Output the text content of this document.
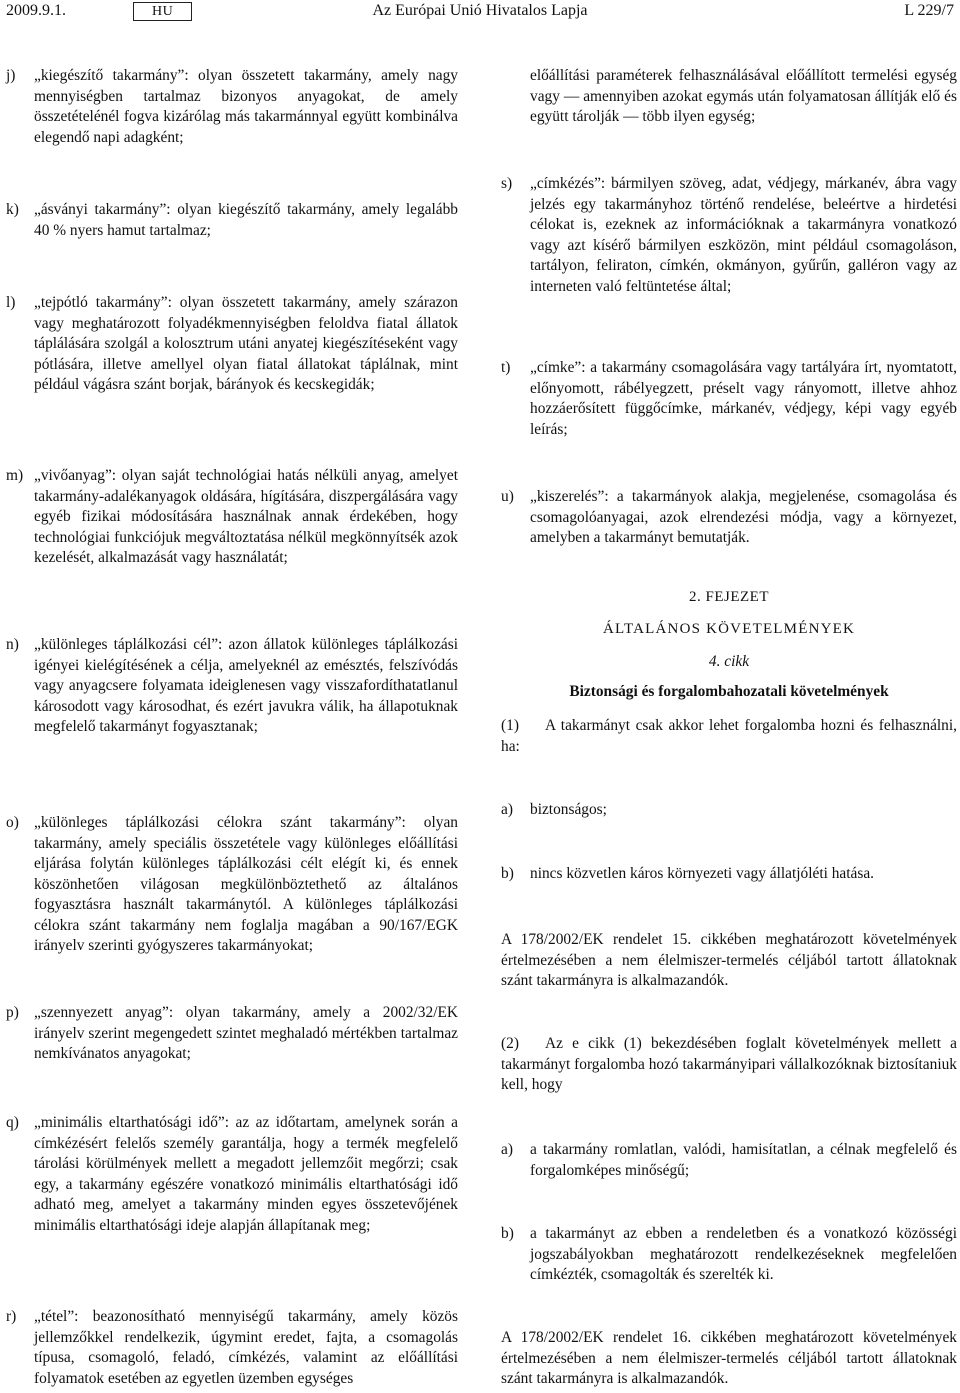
Az Európai Unió Hivatalos Lapja
2009.9.1.	HU	L 229/7
j)	„kiegészítő takarmány”: olyan összetett takarmány, amely nagy mennyiségben tartalmaz bizonyos anyagokat, de amely összetételénél fogva kizárólag más takarmánnyal együtt kombinálva elegendő napi adagként;
k) „ásványi takarmány”: olyan kiegészítő takarmány, amely legalább 40 % nyers hamut tartalmaz;
l)	„tejpótló takarmány”: olyan összetett takarmány, amely szárazon vagy meghatározott folyadékmennyiségben feloldva fiatal állatok táplálására szolgál a kolosztrum utáni anyatej kiegészítéseként vagy pótlására, illetve amellyel olyan fiatal állatokat táplálnak, mint például vágásra szánt borjak, bárányok és kecskegidák;
m) „vivőanyag”: olyan saját technológiai hatás nélküli anyag, amelyet takarmány-adalékanyagok oldására, hígítására, diszpergálására vagy egyéb fizikai módosítására használnak annak érdekében, hogy technológiai funkciójuk megváltoztatása nélkül megkönnyítsék azok kezelését, alkalmazását vagy használatát;
n) „különleges táplálkozási cél”: azon állatok különleges táplálkozási igényei kielégítésének a célja, amelyeknél az emésztés, felszívódás vagy anyagcsere folyamata ideiglenesen vagy visszafordíthatatlanul károsodott vagy károsodhat, és ezért javukra válik, ha állapotuknak megfelelő takarmányt fogyasztanak;
o) „különleges táplálkozási célokra szánt takarmány”: olyan takarmány, amely speciális összetétele vagy különleges előállítási eljárása folytán különleges táplálkozási célt elégít ki, és ennek köszönhetően világosan megkülönböztethető az általános fogyasztásra használt takarmánytól. A különleges táplálkozási célokra szánt takarmány nem foglalja magában a 90/167/EGK irányelv szerinti gyógyszeres takarmányokat;
p) „szennyezett anyag”: olyan takarmány, amely a 2002/32/EK irányelv szerint megengedett szintet meghaladó mértékben tartalmaz nemkívánatos anyagokat;
q) „minimális eltarthatósági idő”: az az időtartam, amelynek során a címkézésért felelős személy garantálja, hogy a termék megfelelő tárolási körülmények mellett a megadott jellemzőit megőrzi; csak egy, a takarmány egészére vonatkozó minimális eltarthatósági idő adható meg, amelyet a takarmány minden egyes összetevőjének minimális eltarthatósági ideje alapján állapítanak meg;
r)	„tétel”: beazonosítható mennyiségű takarmány, amely közös jellemzőkkel rendelkezik, úgymint eredet, fajta, a csomagolás típusa, csomagoló, feladó, címkézés, valamint az előállítási folyamatok esetében az egyetlen üzemben egységes
előállítási paraméterek felhasználásával előállított termelési egység vagy — amennyiben azokat egymás után folyamatosan állítják elő és együtt tárolják — több ilyen egység;
s)	„címkézés”: bármilyen szöveg, adat, védjegy, márkanév, ábra vagy jelzés egy takarmányhoz történő rendelése, beleértve a hirdetési célokat is, ezeknek az információknak a takarmányra vonatkozó vagy azt kísérő bármilyen eszközön, mint például csomagoláson, tartályon, feliraton, címkén, okmányon, gyűrűn, galléron vagy az interneten való feltüntetése által;
t)	„címke”: a takarmány csomagolására vagy tartályára írt, nyomtatott, előnyomott, rábélyegzett, préselt vagy rányomott, illetve ahhoz hozzáerősített függőcímke, márkanév, védjegy, képi vagy egyéb leírás;
u)	„kiszerelés”: a takarmányok alakja, megjelenése, csomagolása és csomagolóanyagai, azok elrendezési módja, vagy a környezet, amelyben a takarmányt bemutatják.
2. FEJEZET
ÁLTALÁNOS KÖVETELMÉNYEK
4. cikk
Biztonsági és forgalombahozatali követelmények
(1) A takarmányt csak akkor lehet forgalomba hozni és felhasználni, ha:
a)	biztonságos;
b)	nincs közvetlen káros környezeti vagy állatjóléti hatása.
A 178/2002/EK rendelet 15. cikkében meghatározott követelmények értelmezésében a nem élelmiszer-termelés céljából tartott állatoknak szánt takarmányra is alkalmazandók.
(2) Az e cikk (1) bekezdésében foglalt követelmények mellett a takarmányt forgalomba hozó takarmányipari vállalkozóknak biztosítaniuk kell, hogy
a)	a takarmány romlatlan, valódi, hamisítatlan, a célnak megfelelő és forgalomképes minőségű;
b)	a takarmányt az ebben a rendeletben és a vonatkozó közösségi jogszabályokban meghatározott rendelkezéseknek megfelelően címkézték, csomagolták és szerelték ki.
A 178/2002/EK rendelet 16. cikkében meghatározott követelmények értelmezésében a nem élelmiszer-termelés céljából tartott állatoknak szánt takarmányra is alkalmazandók.
